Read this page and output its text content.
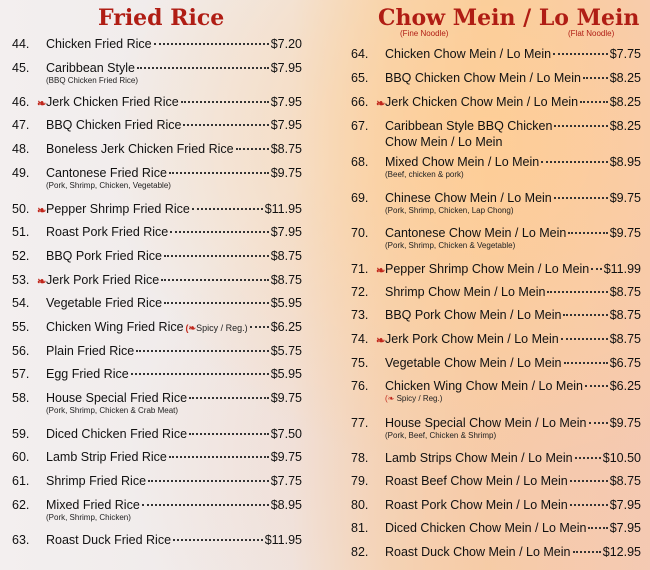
Fried Rice	Chow Mein / Lo Mein
(Fine Noodle)	(Flat Noodle)
44.	Chicken Fried Rice	$7.20
45.	Caribbean Style	$7.95
(BBQ Chicken Fried Rice)
46. ❧ Jerk Chicken Fried Rice	$7.95
47.	BBQ Chicken Fried Rice	$7.95
48.	Boneless Jerk Chicken Fried Rice	$8.75
49.	Cantonese Fried Rice	$9.75
(Pork, Shrimp, Chicken, Vegetable)
50. ❧ Pepper Shrimp Fried Rice	$11.95
51.	Roast Pork Fried Rice	$7.95
52.	BBQ Pork Fried Rice	$8.75
53. ❧ Jerk Pork Fried Rice	$8.75
54.	Vegetable Fried Rice	$5.95
55.	Chicken Wing Fried Rice (❧Spicy / Reg.) $6.25
56.	Plain Fried Rice	$5.75
57.	Egg Fried Rice	$5.95
58.	House Special Fried Rice	$9.75
(Pork, Shrimp, Chicken & Crab Meat)
59.	Diced Chicken Fried Rice	$7.50
60.	Lamb Strip Fried Rice	$9.75
61.	Shrimp Fried Rice	$7.75
62.	Mixed Fried Rice	$8.95
(Pork, Shrimp, Chicken)
63.	Roast Duck Fried Rice	$11.95
64.	Chicken Chow Mein / Lo Mein	$7.75
65.	BBQ Chicken Chow Mein / Lo Mein $8.25
66. ❧ Jerk Chicken Chow Mein / Lo Mein	$8.25
67.	Caribbean Style BBQ Chicken	$8.25
Chow Mein / Lo Mein
68.	Mixed Chow Mein / Lo Mein	$8.95
(Beef, chicken & pork)
69.	Chinese Chow Mein / Lo Mein	$9.75
(Pork, Shrimp, Chicken, Lap Chong)
70.	Cantonese Chow Mein / Lo Mein	$9.75
(Pork, Shrimp, Chicken & Vegetable)
71. ❧ Pepper Shrimp Chow Mein / Lo Mein $11.99
72.	Shrimp Chow Mein / Lo Mein	$8.75
73.	BBQ Pork Chow Mein / Lo Mein	$8.75
74. ❧ Jerk Pork Chow Mein / Lo Mein	$8.75
75.	Vegetable Chow Mein / Lo Mein	$6.75
76.	Chicken Wing Chow Mein / Lo Mein $6.25
(❧ Spicy / Reg.)
77.	House Special Chow Mein / Lo Mein $9.75
(Pork, Beef, Chicken & Shrimp)
78.	Lamb Strips Chow Mein / Lo Mein $10.50
79.	Roast Beef Chow Mein / Lo Mein	$8.75
80.	Roast Pork Chow Mein / Lo Mein	$7.95
81.	Diced Chicken Chow Mein / Lo Mein $7.95
82.	Roast Duck Chow Mein / Lo Mein	$12.95
